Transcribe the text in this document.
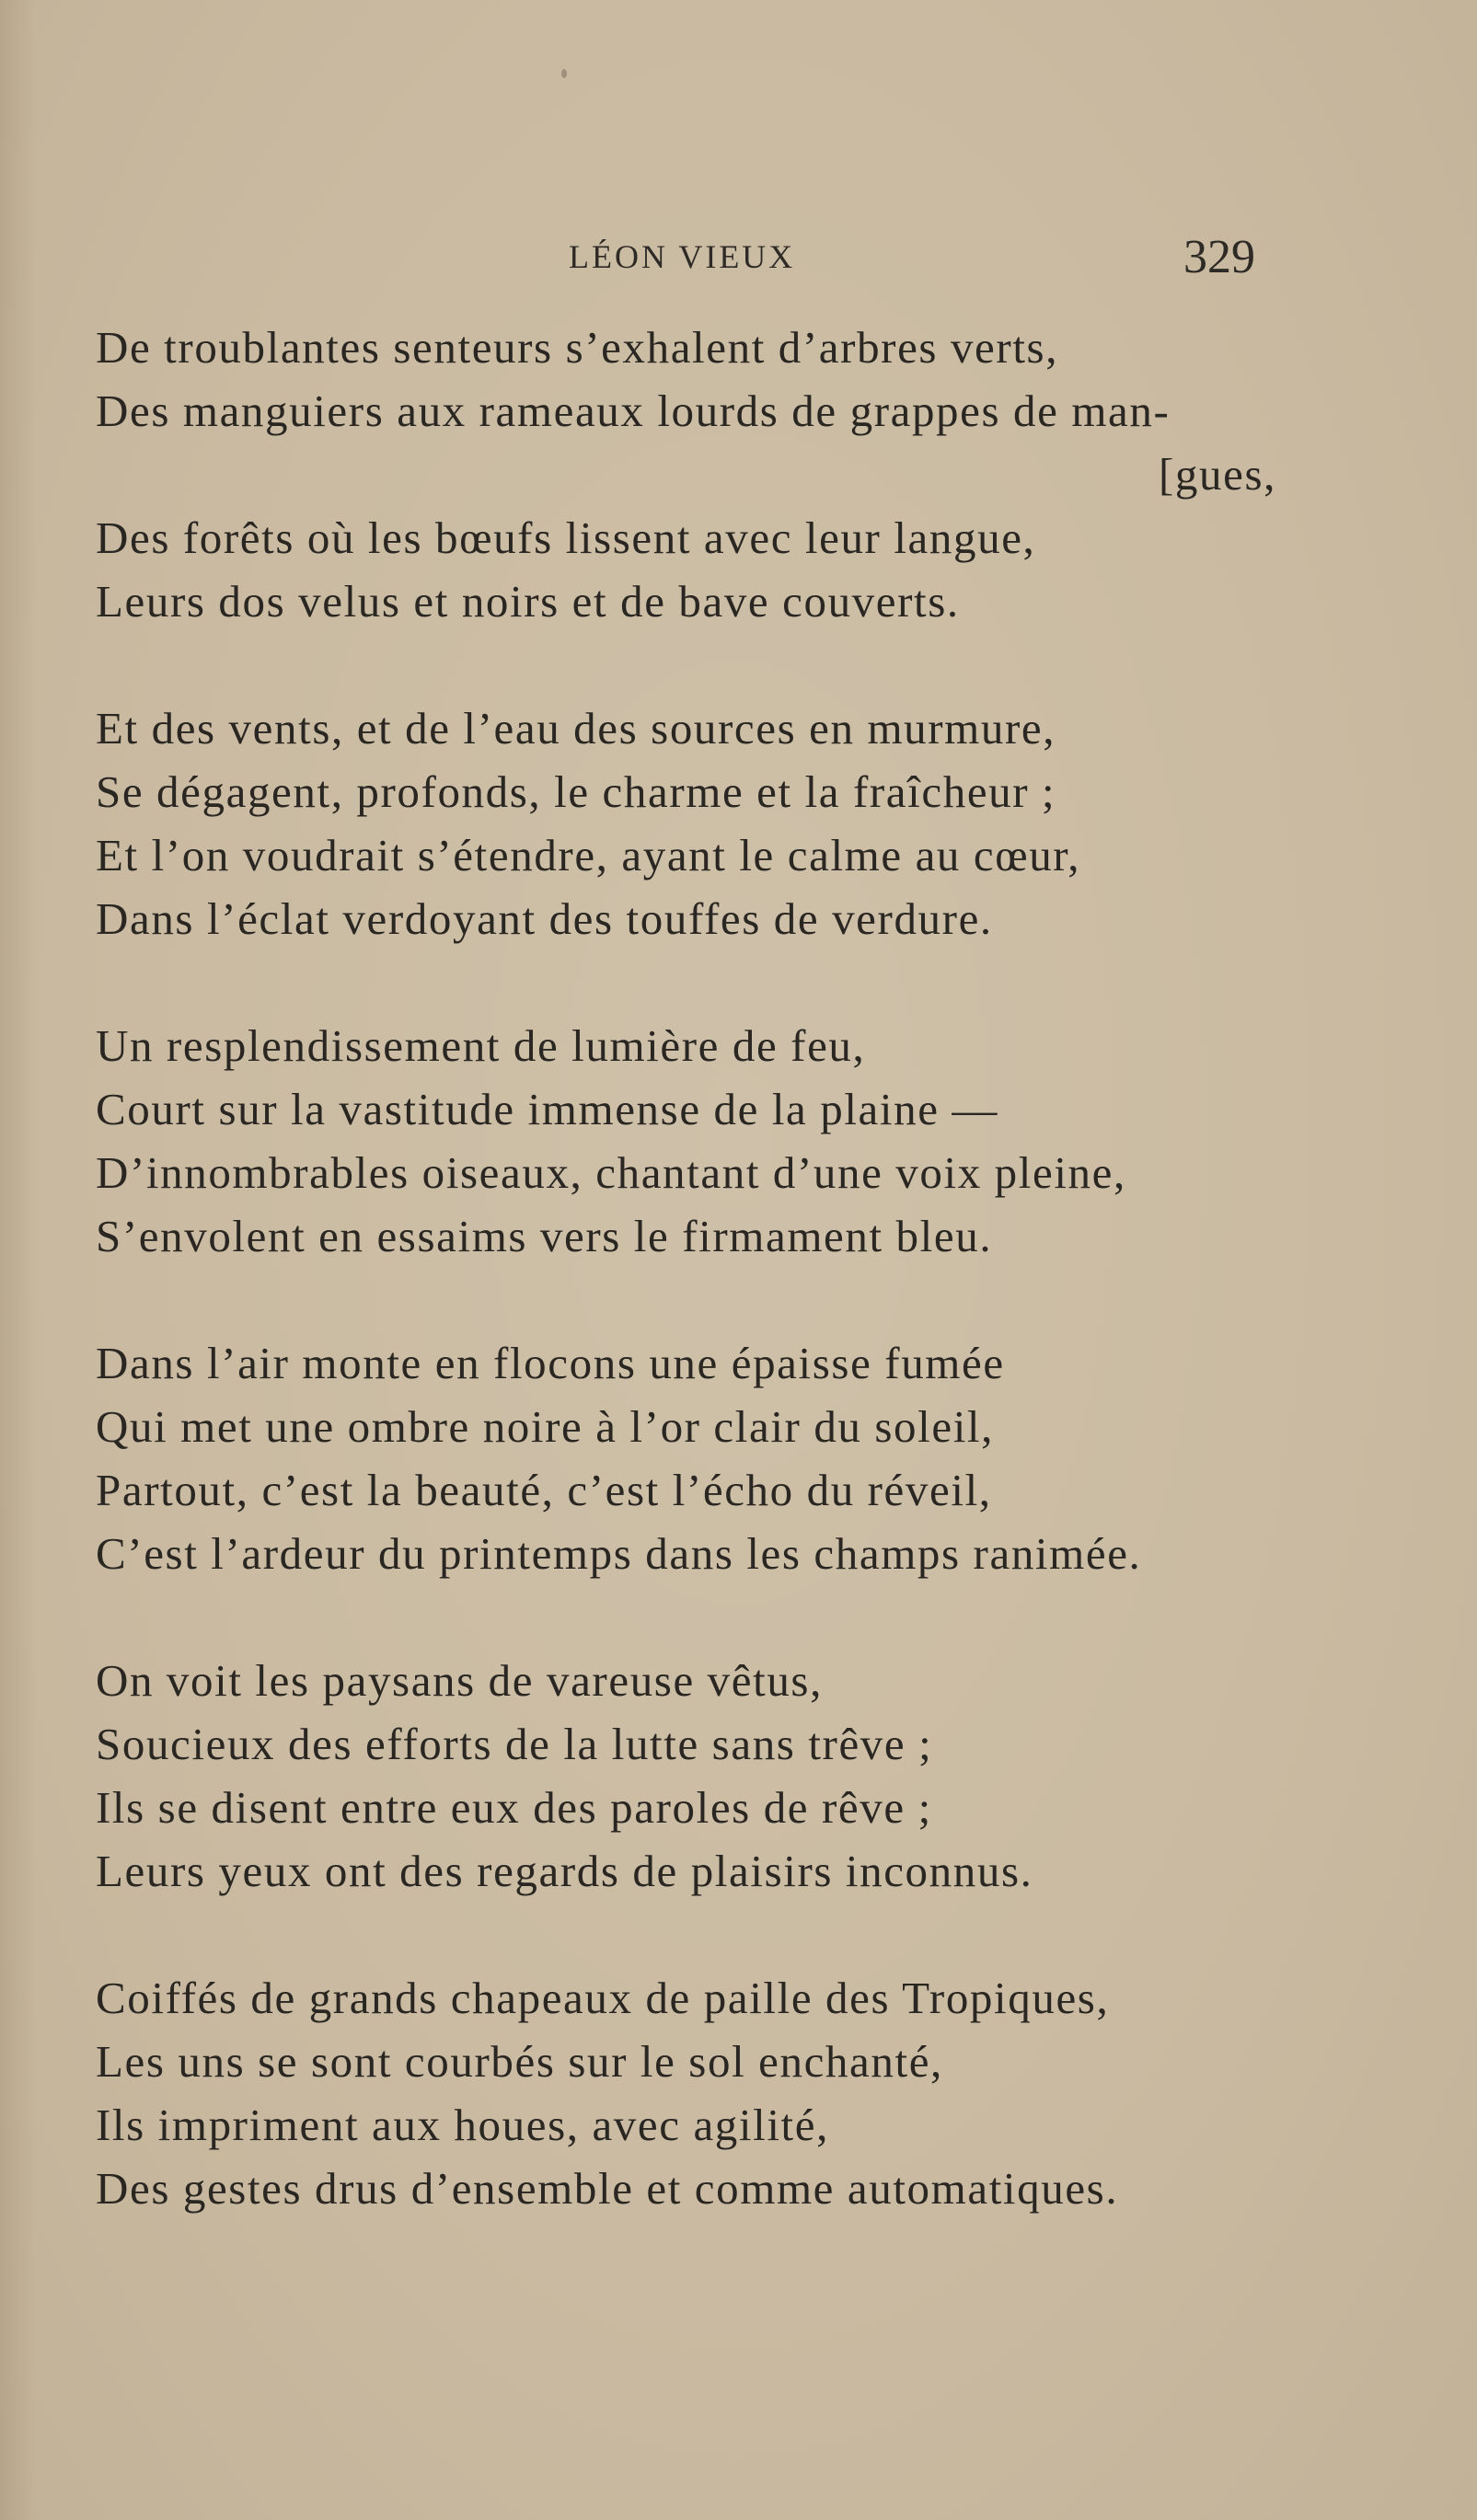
LÉON VIEUX	329
De troublantes senteurs s’exhalent d’arbres verts,
Des manguiers aux rameaux lourds de grappes de man-
[gues,
Des forêts où les bœufs lissent avec leur langue,
Leurs dos velus et noirs et de bave couverts.
Et des vents, et de l’eau des sources en murmure,
Se dégagent, profonds, le charme et la fraîcheur ;
Et l’on voudrait s’étendre, ayant le calme au cœur,
Dans l’éclat verdoyant des touffes de verdure.
Un resplendissement de lumière de feu,
Court sur la vastitude immense de la plaine —
D’innombrables oiseaux, chantant d’une voix pleine,
S’envolent en essaims vers le firmament bleu.
Dans l’air monte en flocons une épaisse fumée
Qui met une ombre noire à l’or clair du soleil,
Partout, c’est la beauté, c’est l’écho du réveil,
C’est l’ardeur du printemps dans les champs ranimée.
On voit les paysans de vareuse vêtus,
Soucieux des efforts de la lutte sans trêve ;
Ils se disent entre eux des paroles de rêve ;
Leurs yeux ont des regards de plaisirs inconnus.
Coiffés de grands chapeaux de paille des Tropiques,
Les uns se sont courbés sur le sol enchanté,
Ils impriment aux houes, avec agilité,
Des gestes drus d’ensemble et comme automatiques.
